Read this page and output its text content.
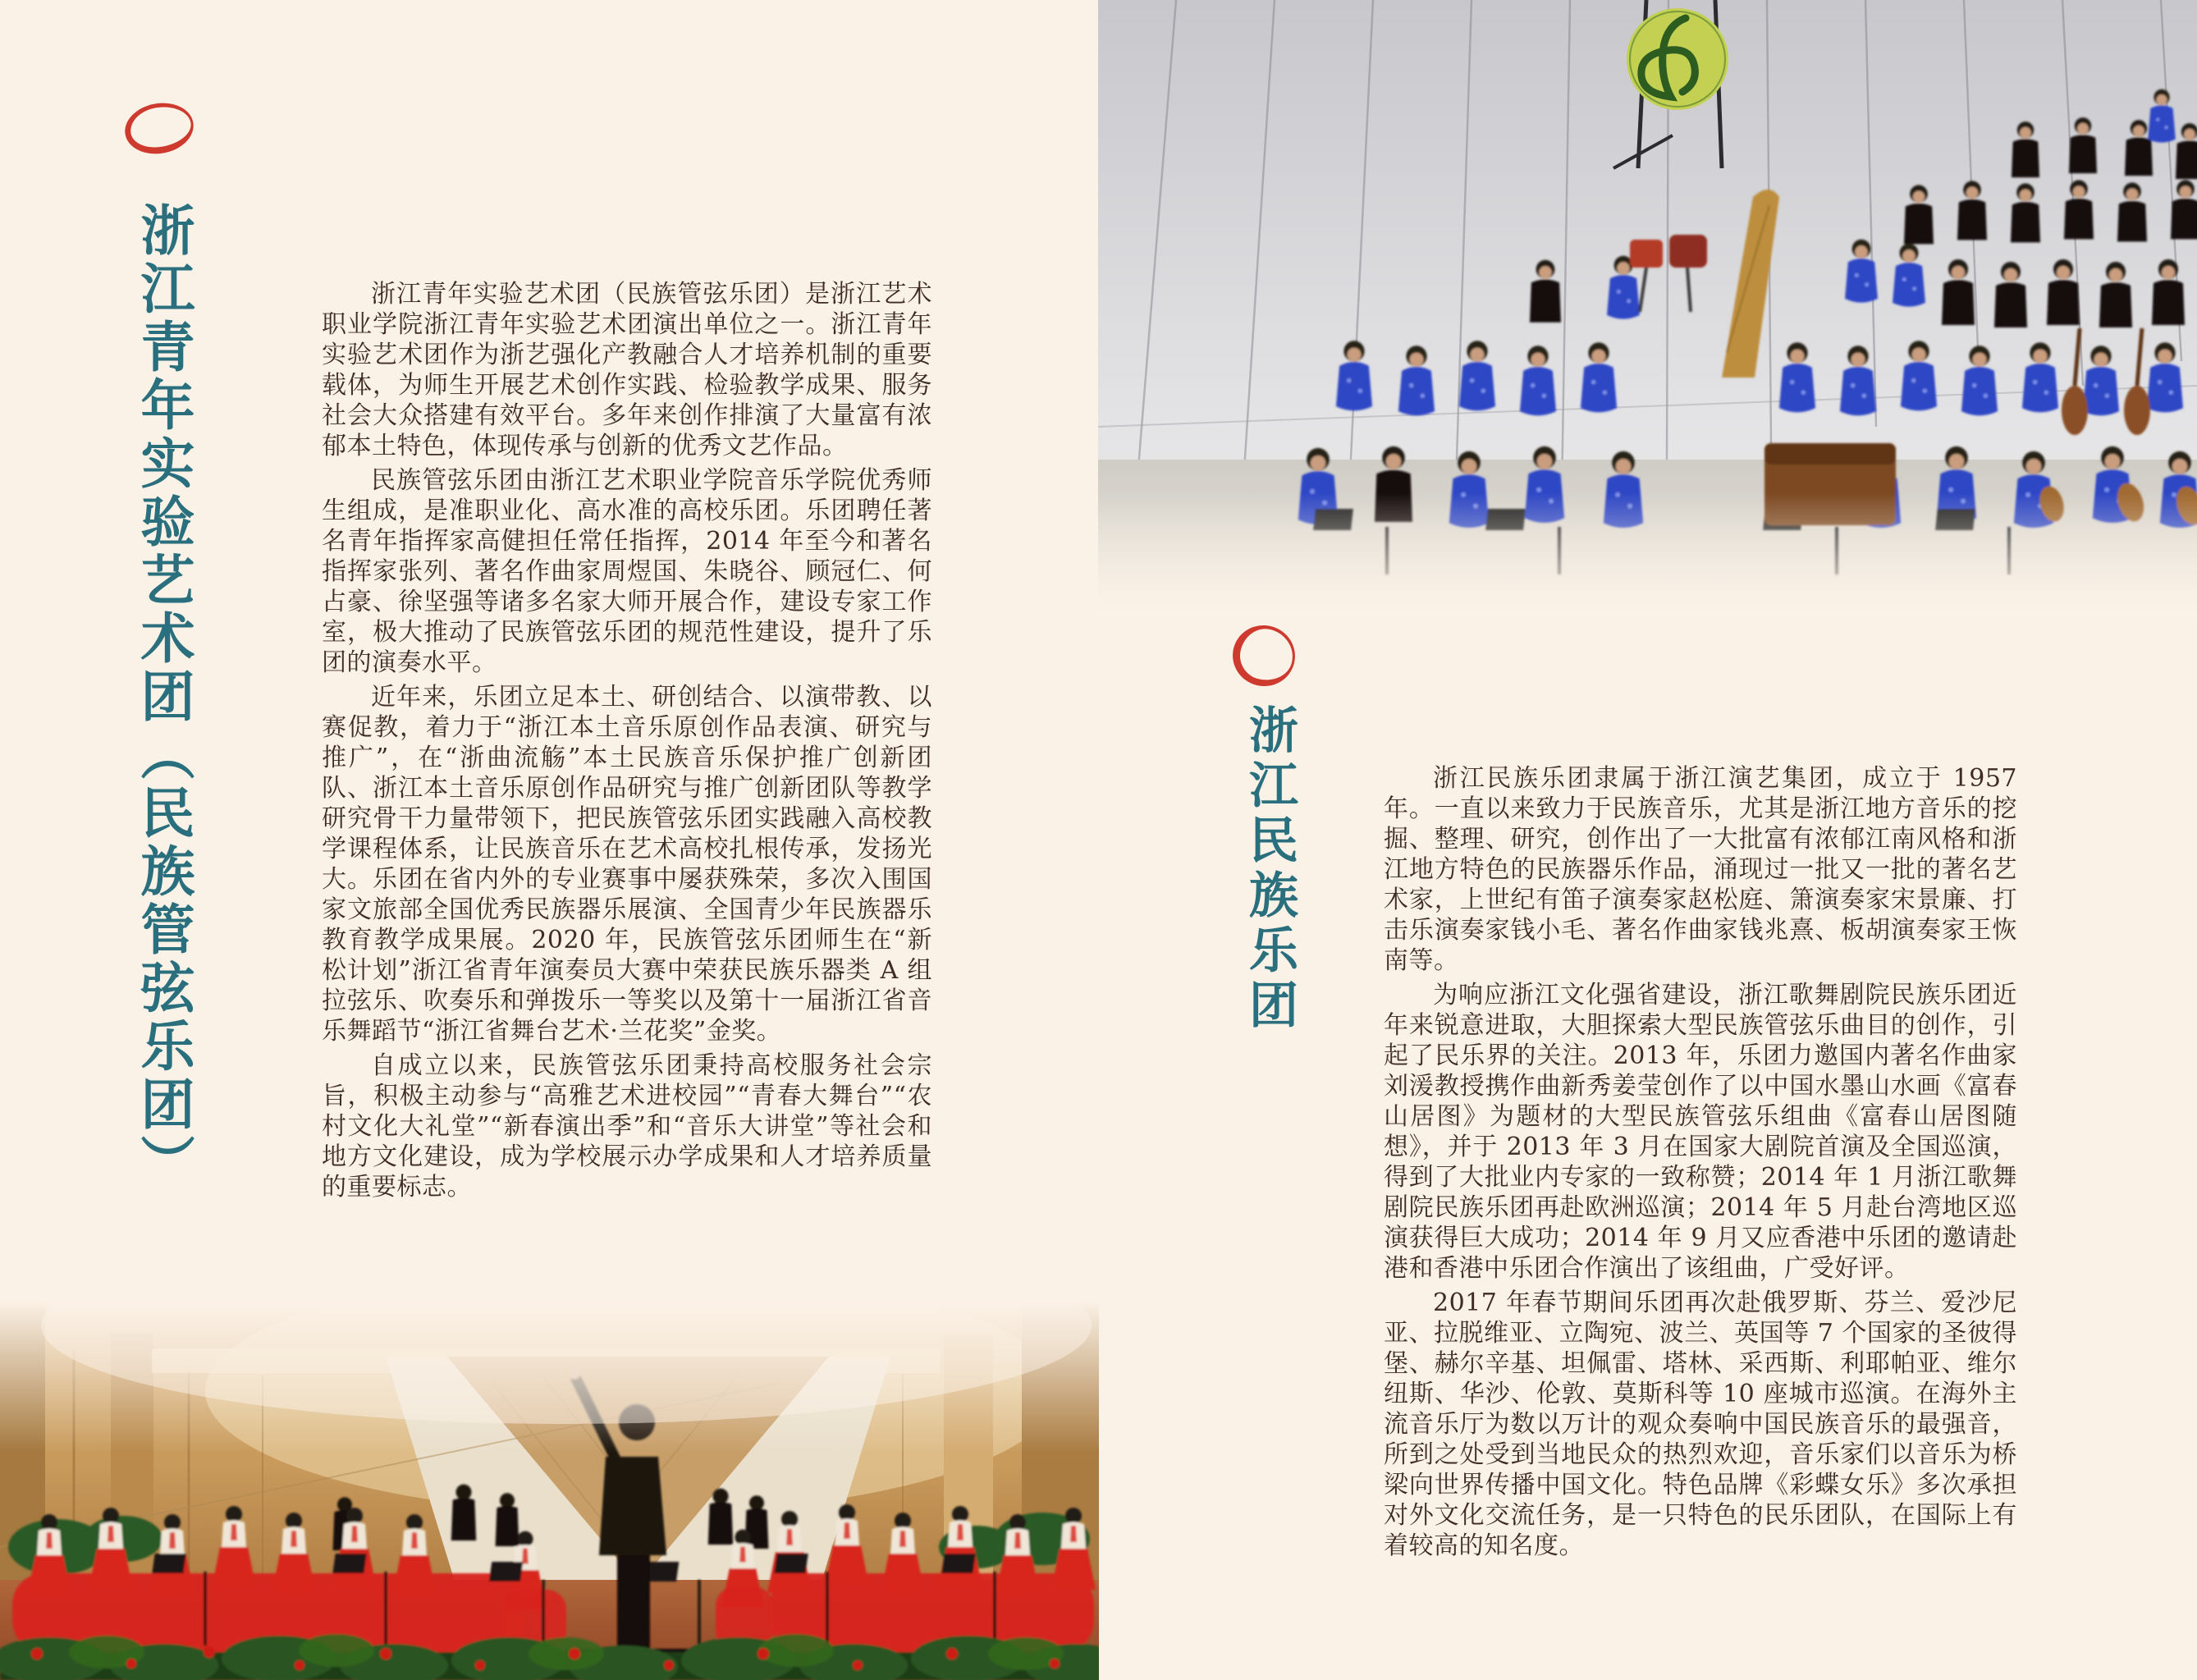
浙江青年实验艺术团（民族管弦乐团）	浙江青年实验艺术团（民族管弦乐团）是浙江艺术职业学院浙江青年实验艺术团演出单位之一。浙江青年实验艺术团作为浙艺强化产教融合人才培养机制的重要载体，为师生开展艺术创作实践、检验教学成果、服务社会大众搭建有效平台。多年来创作排演了大量富有浓郁本土特色，体现传承与创新的优秀文艺作品。

民族管弦乐团由浙江艺术职业学院音乐学院优秀师生组成，是准职业化、高水准的高校乐团。乐团聘任著名青年指挥家高健担任常任指挥，2014 年至今和著名指挥家张列、著名作曲家周煜国、朱晓谷、顾冠仁、何占豪、徐坚强等诸多名家大师开展合作，建设专家工作室，极大推动了民族管弦乐团的规范性建设，提升了乐团的演奏水平。

近年来，乐团立足本土、研创结合、以演带教、以赛促教，着力于“浙江本土音乐原创作品表演、研究与推广”，在“浙曲流觞”本土民族音乐保护推广创新团队、浙江本土音乐原创作品研究与推广创新团队等教学研究骨干力量带领下，把民族管弦乐团实践融入高校教学课程体系，让民族音乐在艺术高校扎根传承，发扬光大。乐团在省内外的专业赛事中屡获殊荣，多次入围国家文旅部全国优秀民族器乐展演、全国青少年民族器乐教育教学成果展。2020 年，民族管弦乐团师生在“新松计划”浙江省青年演奏员大赛中荣获民族乐器类 A 组拉弦乐、吹奏乐和弹拨乐一等奖以及第十一届浙江省音乐舞蹈节“浙江省舞台艺术·兰花奖”金奖。

自成立以来，民族管弦乐团秉持高校服务社会宗旨，积极主动参与“高雅艺术进校园”“青春大舞台”“农村文化大礼堂”“新春演出季”和“音乐大讲堂”等社会和地方文化建设，成为学校展示办学成果和人才培养质量的重要标志。

浙江民族乐团	浙江民族乐团隶属于浙江演艺集团，成立于 1957 年。一直以来致力于民族音乐，尤其是浙江地方音乐的挖掘、整理、研究，创作出了一大批富有浓郁江南风格和浙江地方特色的民族器乐作品，涌现过一批又一批的著名艺术家，上世纪有笛子演奏家赵松庭、箫演奏家宋景廉、打击乐演奏家钱小毛、著名作曲家钱兆熹、板胡演奏家王恢南等。

为响应浙江文化强省建设，浙江歌舞剧院民族乐团近年来锐意进取，大胆探索大型民族管弦乐曲目的创作，引起了民乐界的关注。2013 年，乐团力邀国内著名作曲家刘湲教授携作曲新秀姜莹创作了以中国水墨山水画《富春山居图》为题材的大型民族管弦乐组曲《富春山居图随想》，并于 2013 年 3 月在国家大剧院首演及全国巡演，得到了大批业内专家的一致称赞；2014 年 1 月浙江歌舞剧院民族乐团再赴欧洲巡演；2014 年 5 月赴台湾地区巡演获得巨大成功；2014 年 9 月又应香港中乐团的邀请赴港和香港中乐团合作演出了该组曲，广受好评。

2017 年春节期间乐团再次赴俄罗斯、芬兰、爱沙尼亚、拉脱维亚、立陶宛、波兰、英国等 7 个国家的圣彼得堡、赫尔辛基、坦佩雷、塔林、采西斯、利耶帕亚、维尔纽斯、华沙、伦敦、莫斯科等 10 座城市巡演。在海外主流音乐厅为数以万计的观众奏响中国民族音乐的最强音，所到之处受到当地民众的热烈欢迎，音乐家们以音乐为桥梁向世界传播中国文化。特色品牌《彩蝶女乐》多次承担对外文化交流任务，是一只特色的民乐团队，在国际上有着较高的知名度。
